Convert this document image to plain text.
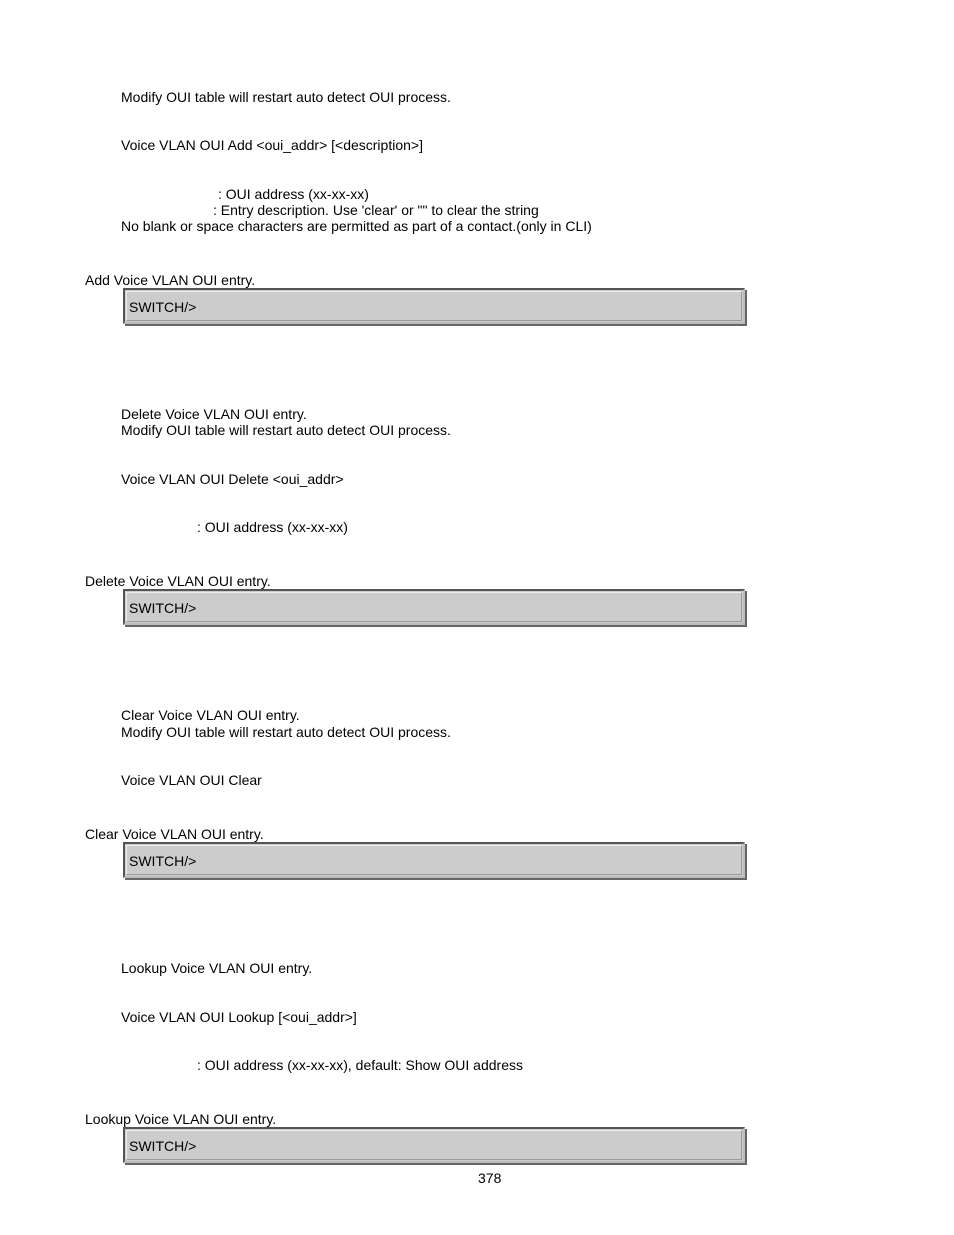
Modify OUI table will restart auto detect OUI process.
Voice VLAN OUI Add <oui_addr> [<description>]
: OUI address (xx-xx-xx)
: Entry description. Use 'clear' or "" to clear the string
No blank or space characters are permitted as part of a contact.(only in CLI)
Add Voice VLAN OUI entry.
SWITCH/>
Delete Voice VLAN OUI entry.
Modify OUI table will restart auto detect OUI process.
Voice VLAN OUI Delete <oui_addr>
: OUI address (xx-xx-xx)
Delete Voice VLAN OUI entry.
SWITCH/>
Clear Voice VLAN OUI entry.
Modify OUI table will restart auto detect OUI process.
Voice VLAN OUI Clear
Clear Voice VLAN OUI entry.
SWITCH/>
Lookup Voice VLAN OUI entry.
Voice VLAN OUI Lookup [<oui_addr>]
: OUI address (xx-xx-xx), default: Show OUI address
Lookup Voice VLAN OUI entry.
SWITCH/>
378
